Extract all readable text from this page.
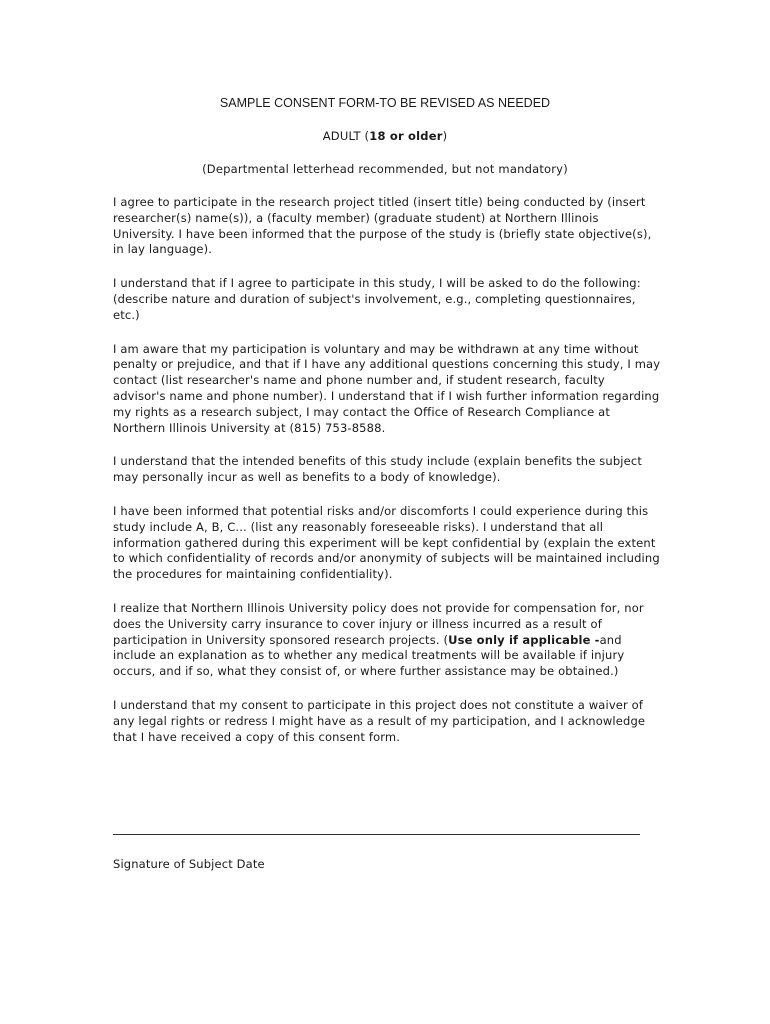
SAMPLE CONSENT FORM-TO BE REVISED AS NEEDED
ADULT (18 or older)
(Departmental letterhead recommended, but not mandatory)

I agree to participate in the research project titled (insert title) being conducted by (insert researcher(s) name(s)), a (faculty member) (graduate student) at Northern Illinois University. I have been informed that the purpose of the study is (briefly state objective(s), in lay language).

I understand that if I agree to participate in this study, I will be asked to do the following: (describe nature and duration of subject's involvement, e.g., completing questionnaires, etc.)

I am aware that my participation is voluntary and may be withdrawn at any time without penalty or prejudice, and that if I have any additional questions concerning this study, I may contact (list researcher's name and phone number and, if student research, faculty advisor's name and phone number). I understand that if I wish further information regarding my rights as a research subject, I may contact the Office of Research Compliance at Northern Illinois University at (815) 753-8588.

I understand that the intended benefits of this study include (explain benefits the subject may personally incur as well as benefits to a body of knowledge).

I have been informed that potential risks and/or discomforts I could experience during this study include A, B, C... (list any reasonably foreseeable risks). I understand that all information gathered during this experiment will be kept confidential by (explain the extent to which confidentiality of records and/or anonymity of subjects will be maintained including the procedures for maintaining confidentiality).

I realize that Northern Illinois University policy does not provide for compensation for, nor does the University carry insurance to cover injury or illness incurred as a result of participation in University sponsored research projects. (Use only if applicable -and include an explanation as to whether any medical treatments will be available if injury occurs, and if so, what they consist of, or where further assistance may be obtained.)

I understand that my consent to participate in this project does not constitute a waiver of any legal rights or redress I might have as a result of my participation, and I acknowledge that I have received a copy of this consent form.

Signature of Subject Date
